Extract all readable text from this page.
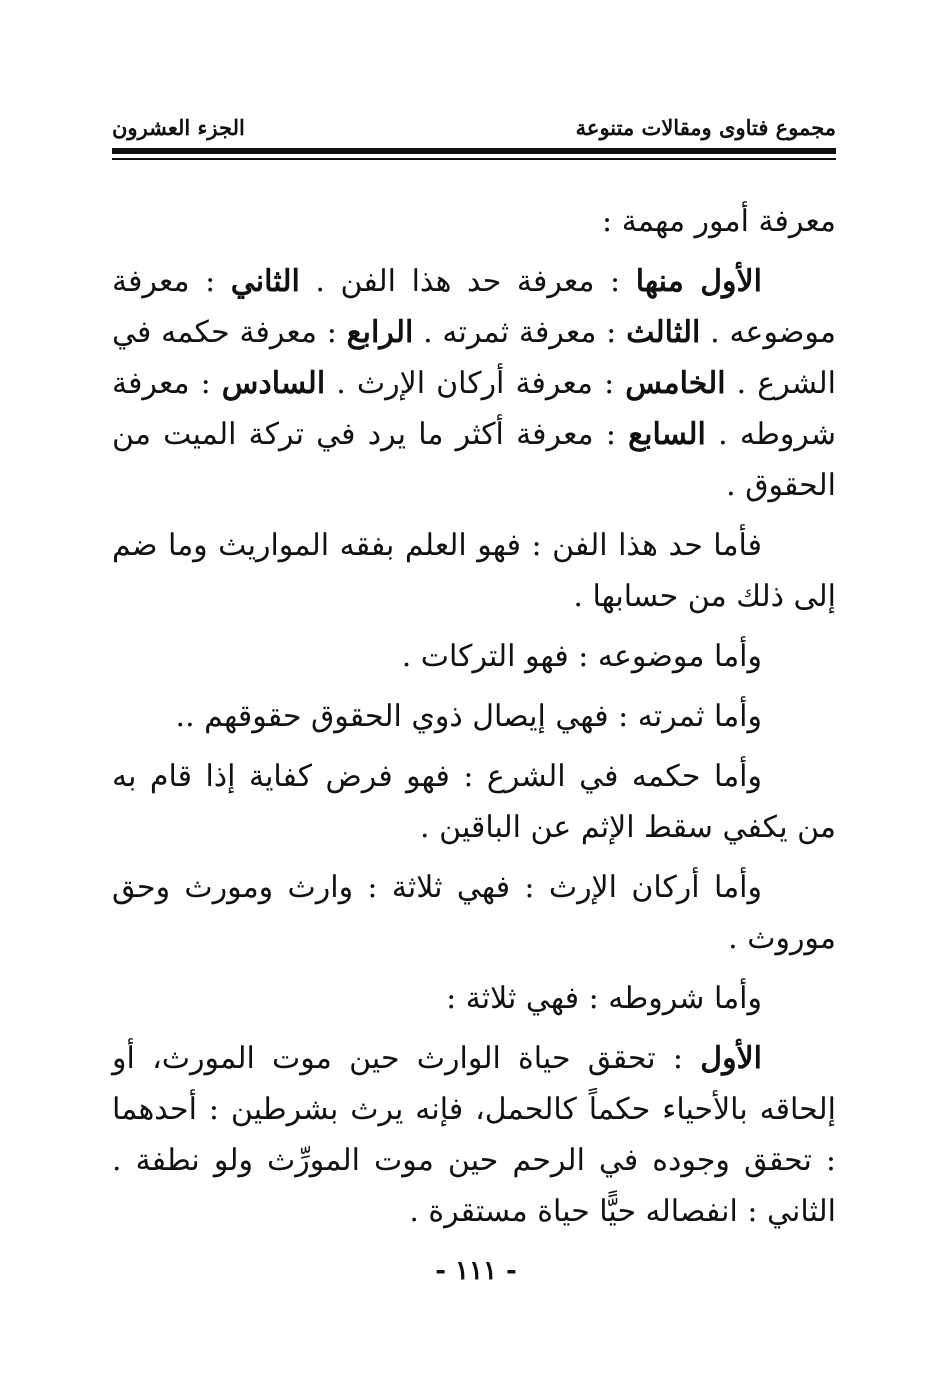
مجموع فتاوى ومقالات متنوعة
الجزء العشرون

معرفة أمور مهمة :

الأول منها : معرفة حد هذا الفن . الثاني : معرفة موضوعه . الثالث : معرفة ثمرته . الرابع : معرفة حكمه في الشرع . الخامس : معرفة أركان الإرث . السادس : معرفة شروطه . السابع : معرفة أكثر ما يرد في تركة الميت من الحقوق .

فأما حد هذا الفن : فهو العلم بفقه المواريث وما ضم إلى ذلك من حسابها .

وأما موضوعه : فهو التركات .

وأما ثمرته : فهي إيصال ذوي الحقوق حقوقهم ..

وأما حكمه في الشرع : فهو فرض كفاية إذا قام به من يكفي سقط الإثم عن الباقين .

وأما أركان الإرث : فهي ثلاثة : وارث ومورث وحق موروث .

وأما شروطه : فهي ثلاثة :

الأول : تحقق حياة الوارث حين موت المورث، أو إلحاقه بالأحياء حكماً كالحمل، فإنه يرث بشرطين : أحدهما : تحقق وجوده في الرحم حين موت المورِّث ولو نطفة . الثاني : انفصاله حيًّا حياة مستقرة .

- ١١١ -
